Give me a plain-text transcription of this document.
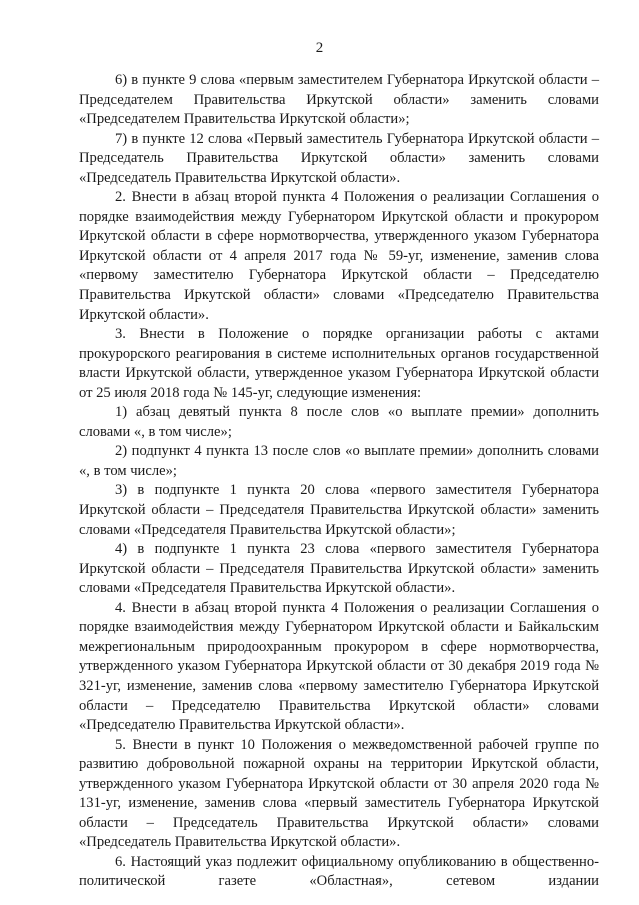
2

6) в пункте 9 слова «первым заместителем Губернатора Иркутской области – Председателем Правительства Иркутской области» заменить словами «Председателем Правительства Иркутской области»;

7) в пункте 12 слова «Первый заместитель Губернатора Иркутской области – Председатель Правительства Иркутской области» заменить словами «Председатель Правительства Иркутской области».

2. Внести в абзац второй пункта 4 Положения о реализации Соглашения о порядке взаимодействия между Губернатором Иркутской области и прокурором Иркутской области в сфере нормотворчества, утвержденного указом Губернатора Иркутской области от 4 апреля 2017 года № 59-уг, изменение, заменив слова «первому заместителю Губернатора Иркутской области – Председателю Правительства Иркутской области» словами «Председателю Правительства Иркутской области».

3. Внести в Положение о порядке организации работы с актами прокурорского реагирования в системе исполнительных органов государственной власти Иркутской области, утвержденное указом Губернатора Иркутской области от 25 июля 2018 года № 145-уг, следующие изменения:

1) абзац девятый пункта 8 после слов «о выплате премии» дополнить словами «, в том числе»;

2) подпункт 4 пункта 13 после слов «о выплате премии» дополнить словами «, в том числе»;

3) в подпункте 1 пункта 20 слова «первого заместителя Губернатора Иркутской области – Председателя Правительства Иркутской области» заменить словами «Председателя Правительства Иркутской области»;

4) в подпункте 1 пункта 23 слова «первого заместителя Губернатора Иркутской области – Председателя Правительства Иркутской области» заменить словами «Председателя Правительства Иркутской области».

4. Внести в абзац второй пункта 4 Положения о реализации Соглашения о порядке взаимодействия между Губернатором Иркутской области и Байкальским межрегиональным природоохранным прокурором в сфере нормотворчества, утвержденного указом Губернатора Иркутской области от 30 декабря 2019 года № 321-уг, изменение, заменив слова «первому заместителю Губернатора Иркутской области – Председателю Правительства Иркутской области» словами «Председателю Правительства Иркутской области».

5. Внести в пункт 10 Положения о межведомственной рабочей группе по развитию добровольной пожарной охраны на территории Иркутской области, утвержденного указом Губернатора Иркутской области от 30 апреля 2020 года № 131-уг, изменение, заменив слова «первый заместитель Губернатора Иркутской области – Председатель Правительства Иркутской области» словами «Председатель Правительства Иркутской области».

6. Настоящий указ подлежит официальному опубликованию в общественно-политической газете «Областная», сетевом издании
